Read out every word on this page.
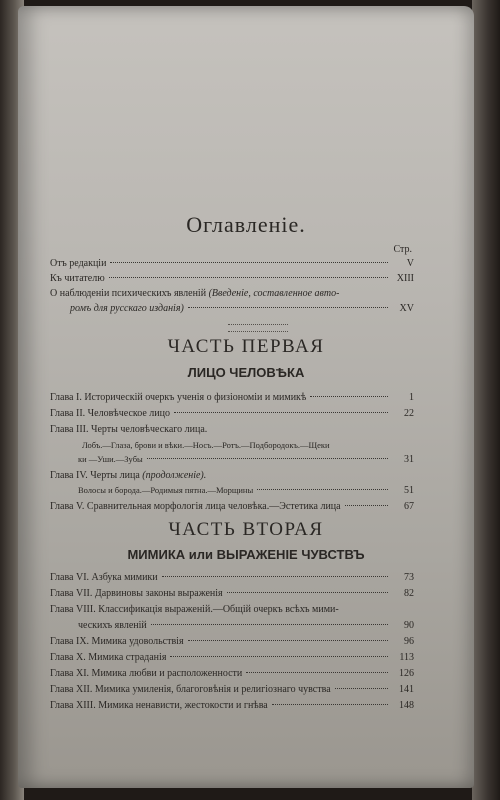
Оглавленіе.
Стр.
Отъ редакціи	V
Къ читателю	XIII
О наблюденіи психическихъ явленій (Введеніе, составленное авто-
ромъ для русскаго изданія)	XV
ЧАСТЬ ПЕРВАЯ
ЛИЦО ЧЕЛОВѢКА
Глава I. Историческій очеркъ ученія о физіономіи и мимикѣ	1
Глава II. Человѣческое лицо	22
Глава III. Черты человѣческаго лица.
Лобъ.—Глаза, брови и вѣки.—Носъ.—Ротъ.—Подбородокъ.—Щеки
ки —Уши.—Зубы	31
Глава IV. Черты лица (продолженіе).
Волосы и борода.—Родимыя пятна.—Морщины	51
Глава V. Сравнительная морфологія лица человѣка.—Эстетика лица	67
ЧАСТЬ ВТОРАЯ
МИМИКА или ВЫРАЖЕНІЕ ЧУВСТВЪ
Глава VI. Азбука мимики	73
Глава VII. Дарвиновы законы выраженія	82
Глава VIII. Классификація выраженій.—Общій очеркъ всѣхъ мими-
ческихъ явленій	90
Глава IX. Мимика удовольствія	96
Глава X. Мимика страданія	113
Глава XI. Мимика любви и расположенности	126
Глава XII. Мимика умиленія, благоговѣнія и религіознаго чувства	141
Глава XIII. Мимика ненависти, жестокости и гнѣва	148
